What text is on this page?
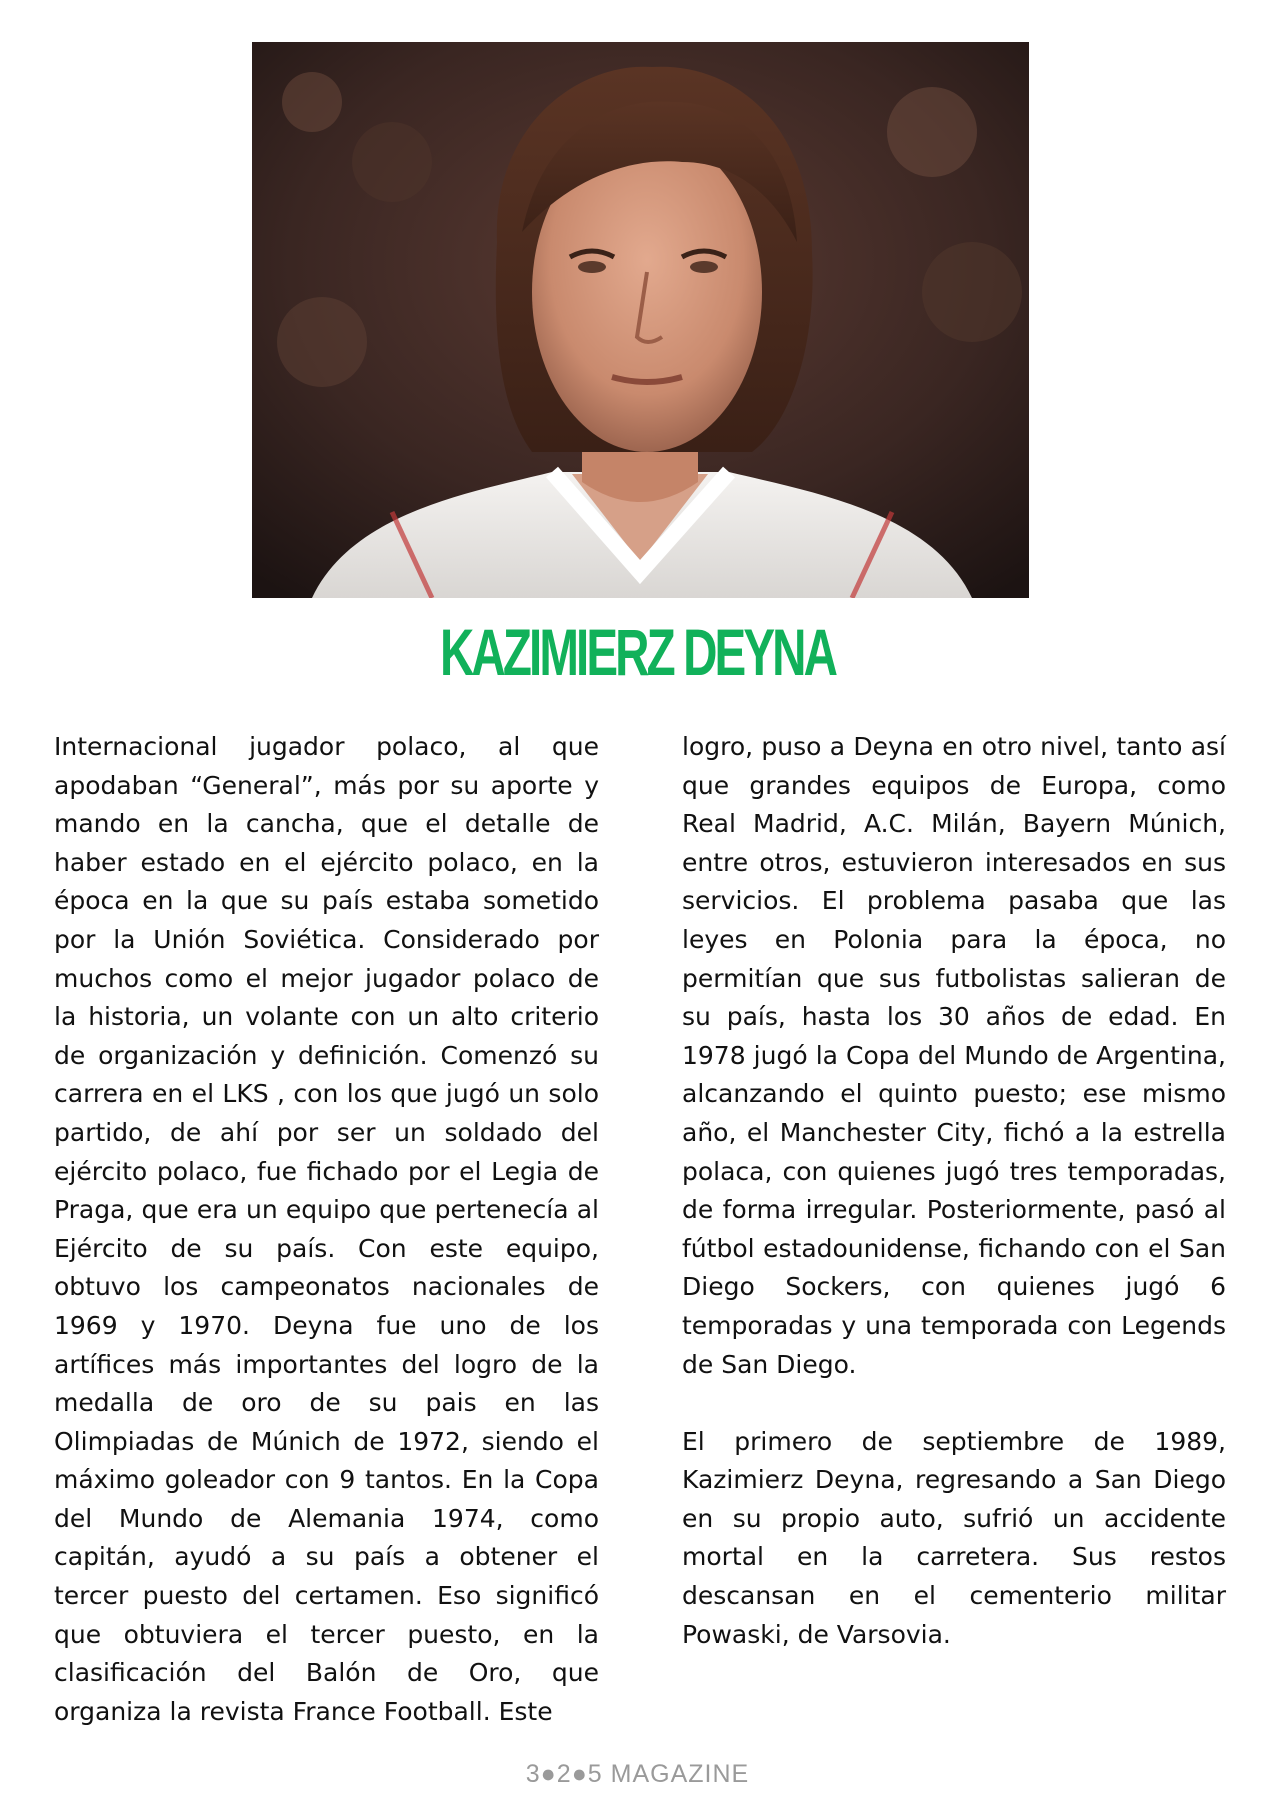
KAZIMIERZ DEYNA

Internacional jugador polaco, al que apodaban “General”, más por su aporte y mando en la cancha, que el detalle de haber estado en el ejército polaco, en la época en la que su país estaba sometido por la Unión Soviética. Considerado por muchos como el mejor jugador polaco de la historia, un volante con un alto criterio de organización y definición. Comenzó su carrera en el LKS , con los que jugó un solo partido, de ahí por ser un soldado del ejército polaco, fue fichado por el Legia de Praga, que era un equipo que pertenecía al Ejército de su país. Con este equipo, obtuvo los campeonatos nacionales de 1969 y 1970. Deyna fue uno de los artífices más importantes del logro de la medalla de oro de su pais en las Olimpiadas de Múnich de 1972, siendo el máximo goleador con 9 tantos. En la Copa del Mundo de Alemania 1974, como capitán, ayudó a su país a obtener el tercer puesto del certamen. Eso significó que obtuviera el tercer puesto, en la clasificación del Balón de Oro, que organiza la revista France Football. Este

logro, puso a Deyna en otro nivel, tanto así que grandes equipos de Europa, como Real Madrid, A.C. Milán, Bayern Múnich, entre otros, estuvieron interesados en sus servicios. El problema pasaba que las leyes en Polonia para la época, no permitían que sus futbolistas salieran de su país, hasta los 30 años de edad. En 1978 jugó la Copa del Mundo de Argentina, alcanzando el quinto puesto; ese mismo año, el Manchester City, fichó a la estrella polaca, con quienes jugó tres temporadas, de forma irregular. Posteriormente, pasó al fútbol estadounidense, fichando con el San Diego Sockers, con quienes jugó 6 temporadas y una temporada con Legends de San Diego.

El primero de septiembre de 1989, Kazimierz Deyna, regresando a San Diego en su propio auto, sufrió un accidente mortal en la carretera. Sus restos descansan en el cementerio militar Powaski, de Varsovia.

3●2●5 MAGAZINE
